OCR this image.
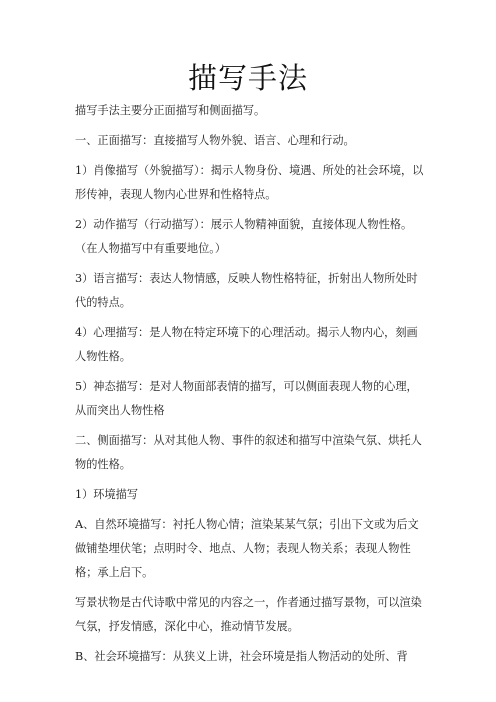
描写手法

描写手法主要分正面描写和侧面描写。

一、正面描写：直接描写人物外貌、语言、心理和行动。

1）肖像描写（外貌描写）：揭示人物身份、境遇、所处的社会环境，以形传神，表现人物内心世界和性格特点。

2）动作描写（行动描写）：展示人物精神面貌，直接体现人物性格。（在人物描写中有重要地位。）

3）语言描写：表达人物情感，反映人物性格特征，折射出人物所处时代的特点。

4）心理描写：是人物在特定环境下的心理活动。揭示人物内心，刻画人物性格。

5）神态描写：是对人物面部表情的描写，可以侧面表现人物的心理，从而突出人物性格

二、侧面描写：从对其他人物、事件的叙述和描写中渲染气氛、烘托人物的性格。

1）环境描写

A、自然环境描写：衬托人物心情；渲染某某气氛；引出下文或为后文做铺垫埋伏笔；点明时令、地点、人物；表现人物关系；表现人物性格；承上启下。

写景状物是古代诗歌中常见的内容之一，作者通过描写景物，可以渲染气氛，抒发情感，深化中心，推动情节发展。

B、社会环境描写：从狭义上讲，社会环境是指人物活动的处所、背
